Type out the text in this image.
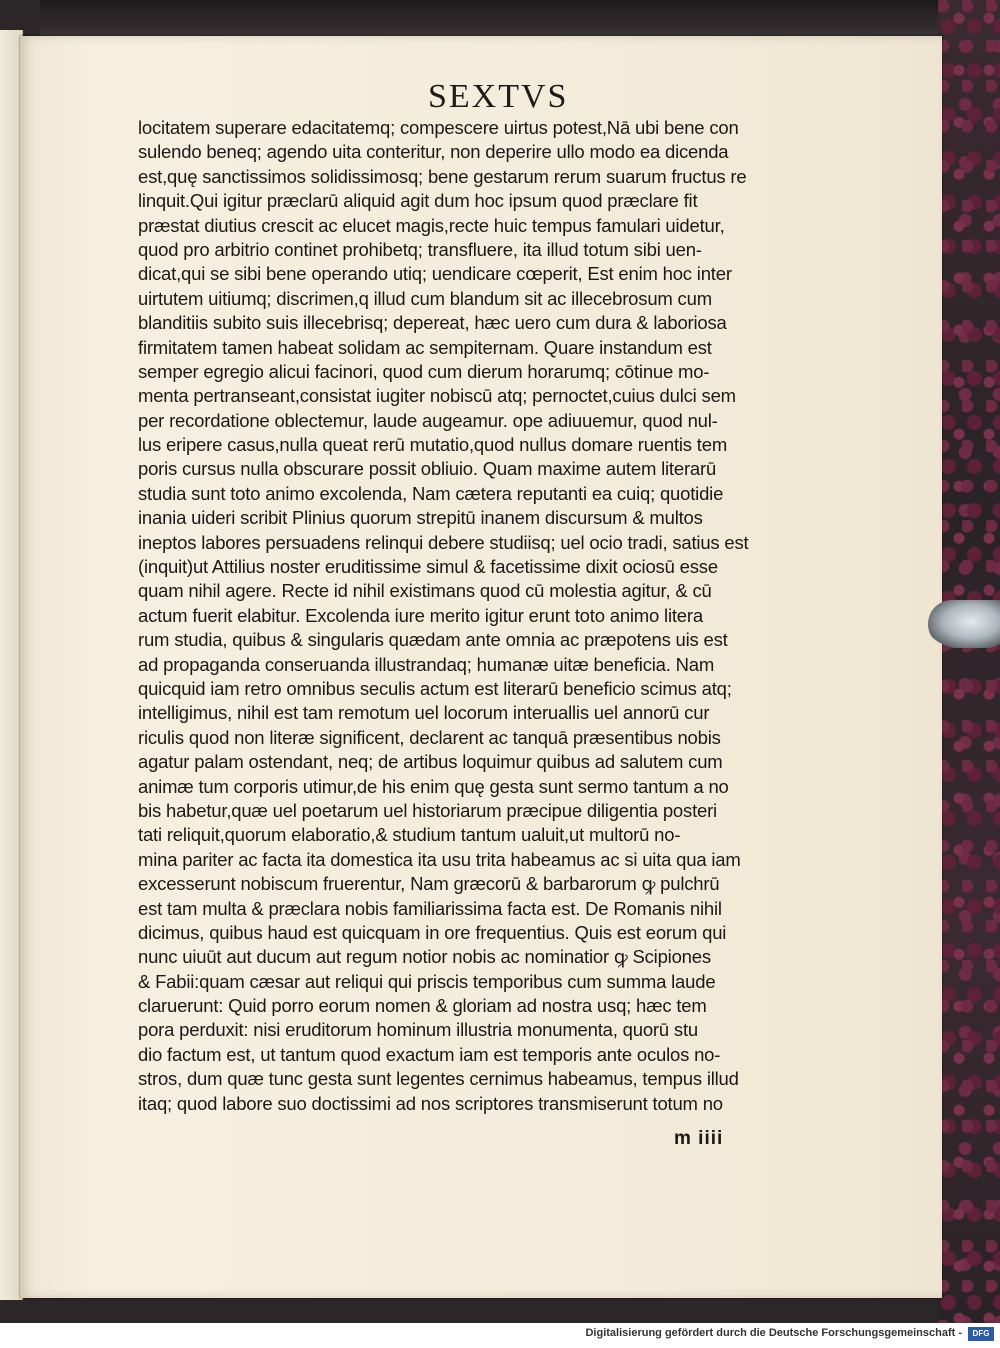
SEXTVS
locitatem superare edacitatemq; compescere uirtus potest,Nā ubi bene con
sulendo beneq; agendo uita conteritur, non deperire ullo modo ea dicenda
est,quę sanctissimos solidissimosq; bene gestarum rerum suarum fructus re
linquit.Qui igitur præclarū aliquid agit dum hoc ipsum quod præclare fit
præstat diutius crescit ac elucet magis,recte huic tempus famulari uidetur,
quod pro arbitrio continet prohibetq; transfluere, ita illud totum sibi uen-
dicat,qui se sibi bene operando utiq; uendicare cœperit, Est enim hoc inter
uirtutem uitiumq; discrimen,q illud cum blandum sit ac illecebrosum cum
blanditiis subito suis illecebrisq; depereat, hæc uero cum dura & laboriosa
firmitatem tamen habeat solidam ac sempiternam. Quare instandum est
semper egregio alicui facinori, quod cum dierum horarumq; cōtinue mo-
menta pertranseant,consistat iugiter nobiscū atq; pernoctet,cuius dulci sem
per recordatione oblectemur, laude augeamur. ope adiuuemur, quod nul-
lus eripere casus,nulla queat rerū mutatio,quod nullus domare ruentis tem
poris cursus nulla obscurare possit obliuio. Quam maxime autem literarū
studia sunt toto animo excolenda, Nam cætera reputanti ea cuiq; quotidie
inania uideri scribit Plinius quorum strepitū inanem discursum & multos
ineptos labores persuadens relinqui debere studiisq; uel ocio tradi, satius est
(inquit)ut Attilius noster eruditissime simul & facetissime dixit ociosū esse
quam nihil agere. Recte id nihil existimans quod cū molestia agitur, & cū
actum fuerit elabitur. Excolenda iure merito igitur erunt toto animo litera
rum studia, quibus & singularis quædam ante omnia ac præpotens uis est
ad propaganda conseruanda illustrandaq; humanæ uitæ beneficia. Nam
quicquid iam retro omnibus seculis actum est literarū beneficio scimus atq;
intelligimus, nihil est tam remotum uel locorum interuallis uel annorū cur
riculis quod non literæ significent, declarent ac tanquā præsentibus nobis
agatur palam ostendant, neq; de artibus loquimur quibus ad salutem cum
animæ tum corporis utimur,de his enim quę gesta sunt sermo tantum a no
bis habetur,quæ uel poetarum uel historiarum præcipue diligentia posteri
tati reliquit,quorum elaboratio,& studium tantum ualuit,ut multorū no-
mina pariter ac facta ita domestica ita usu trita habeamus ac si uita qua iam
excesserunt nobiscum fruerentur, Nam græcorū & barbarorum ꝙ pulchrū
est tam multa & præclara nobis familiarissima facta est. De Romanis nihil
dicimus, quibus haud est quicquam in ore frequentius. Quis est eorum qui
nunc uiuūt aut ducum aut regum notior nobis ac nominatior ꝙ Scipiones
& Fabii:quam cæsar aut reliqui qui priscis temporibus cum summa laude
claruerunt: Quid porro eorum nomen & gloriam ad nostra usq; hæc tem
pora perduxit: nisi eruditorum hominum illustria monumenta, quorū stu
dio factum est, ut tantum quod exactum iam est temporis ante oculos no-
stros, dum quæ tunc gesta sunt legentes cernimus habeamus, tempus illud
itaq; quod labore suo doctissimi ad nos scriptores transmiserunt totum no

m iiii

Digitalisierung gefördert durch die Deutsche Forschungsgemeinschaft -	DFG
